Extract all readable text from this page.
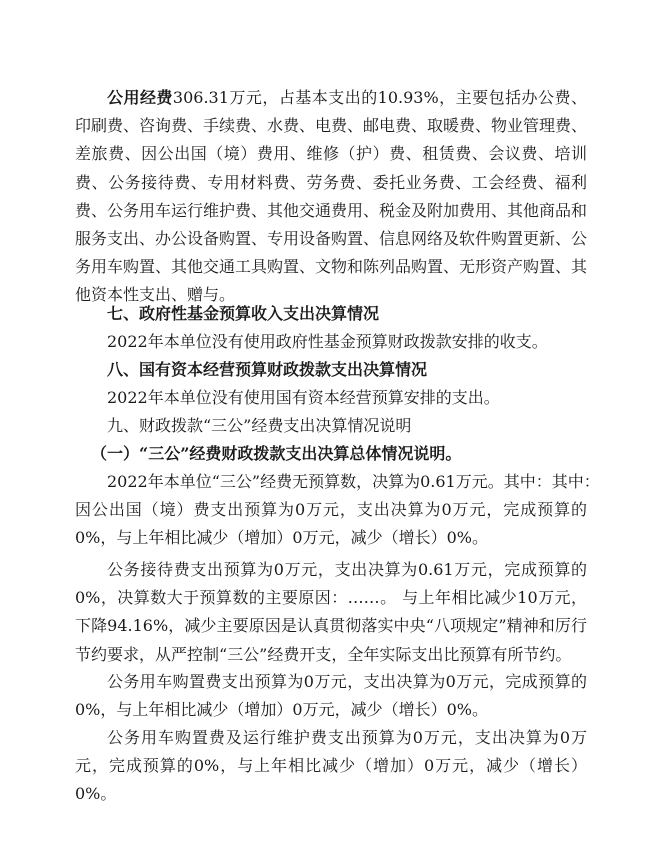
公用经费306.31万元，占基本支出的10.93%，主要包括办公费、印刷费、咨询费、手续费、水费、电费、邮电费、取暖费、物业管理费、差旅费、因公出国（境）费用、维修（护）费、租赁费、会议费、培训费、公务接待费、专用材料费、劳务费、委托业务费、工会经费、福利费、公务用车运行维护费、其他交通费用、税金及附加费用、其他商品和服务支出、办公设备购置、专用设备购置、信息网络及软件购置更新、公务用车购置、其他交通工具购置、文物和陈列品购置、无形资产购置、其他资本性支出、赠与。

七、政府性基金预算收入支出决算情况

2022年本单位没有使用政府性基金预算财政拨款安排的收支。

八、国有资本经营预算财政拨款支出决算情况

2022年本单位没有使用国有资本经营预算安排的支出。

九、财政拨款“三公”经费支出决算情况说明

（一）“三公”经费财政拨款支出决算总体情况说明。

2022年本单位“三公”经费无预算数，决算为0.61万元。其中：其中：

因公出国（境）费支出预算为0万元，支出决算为0万元，完成预算的0%，与上年相比减少（增加）0万元，减少（增长）0%。

公务接待费支出预算为0万元，支出决算为0.61万元，完成预算的0%，决算数大于预算数的主要原因：……。 与上年相比减少10万元，下降94.16%，减少主要原因是认真贯彻落实中央“八项规定”精神和厉行节约要求，从严控制“三公”经费开支，全年实际支出比预算有所节约。

公务用车购置费支出预算为0万元，支出决算为0万元，完成预算的0%，与上年相比减少（增加）0万元，减少（增长）0%。

公务用车购置费及运行维护费支出预算为0万元，支出决算为0万元，完成预算的0%，与上年相比减少（增加）0万元，减少（增长）0%。
